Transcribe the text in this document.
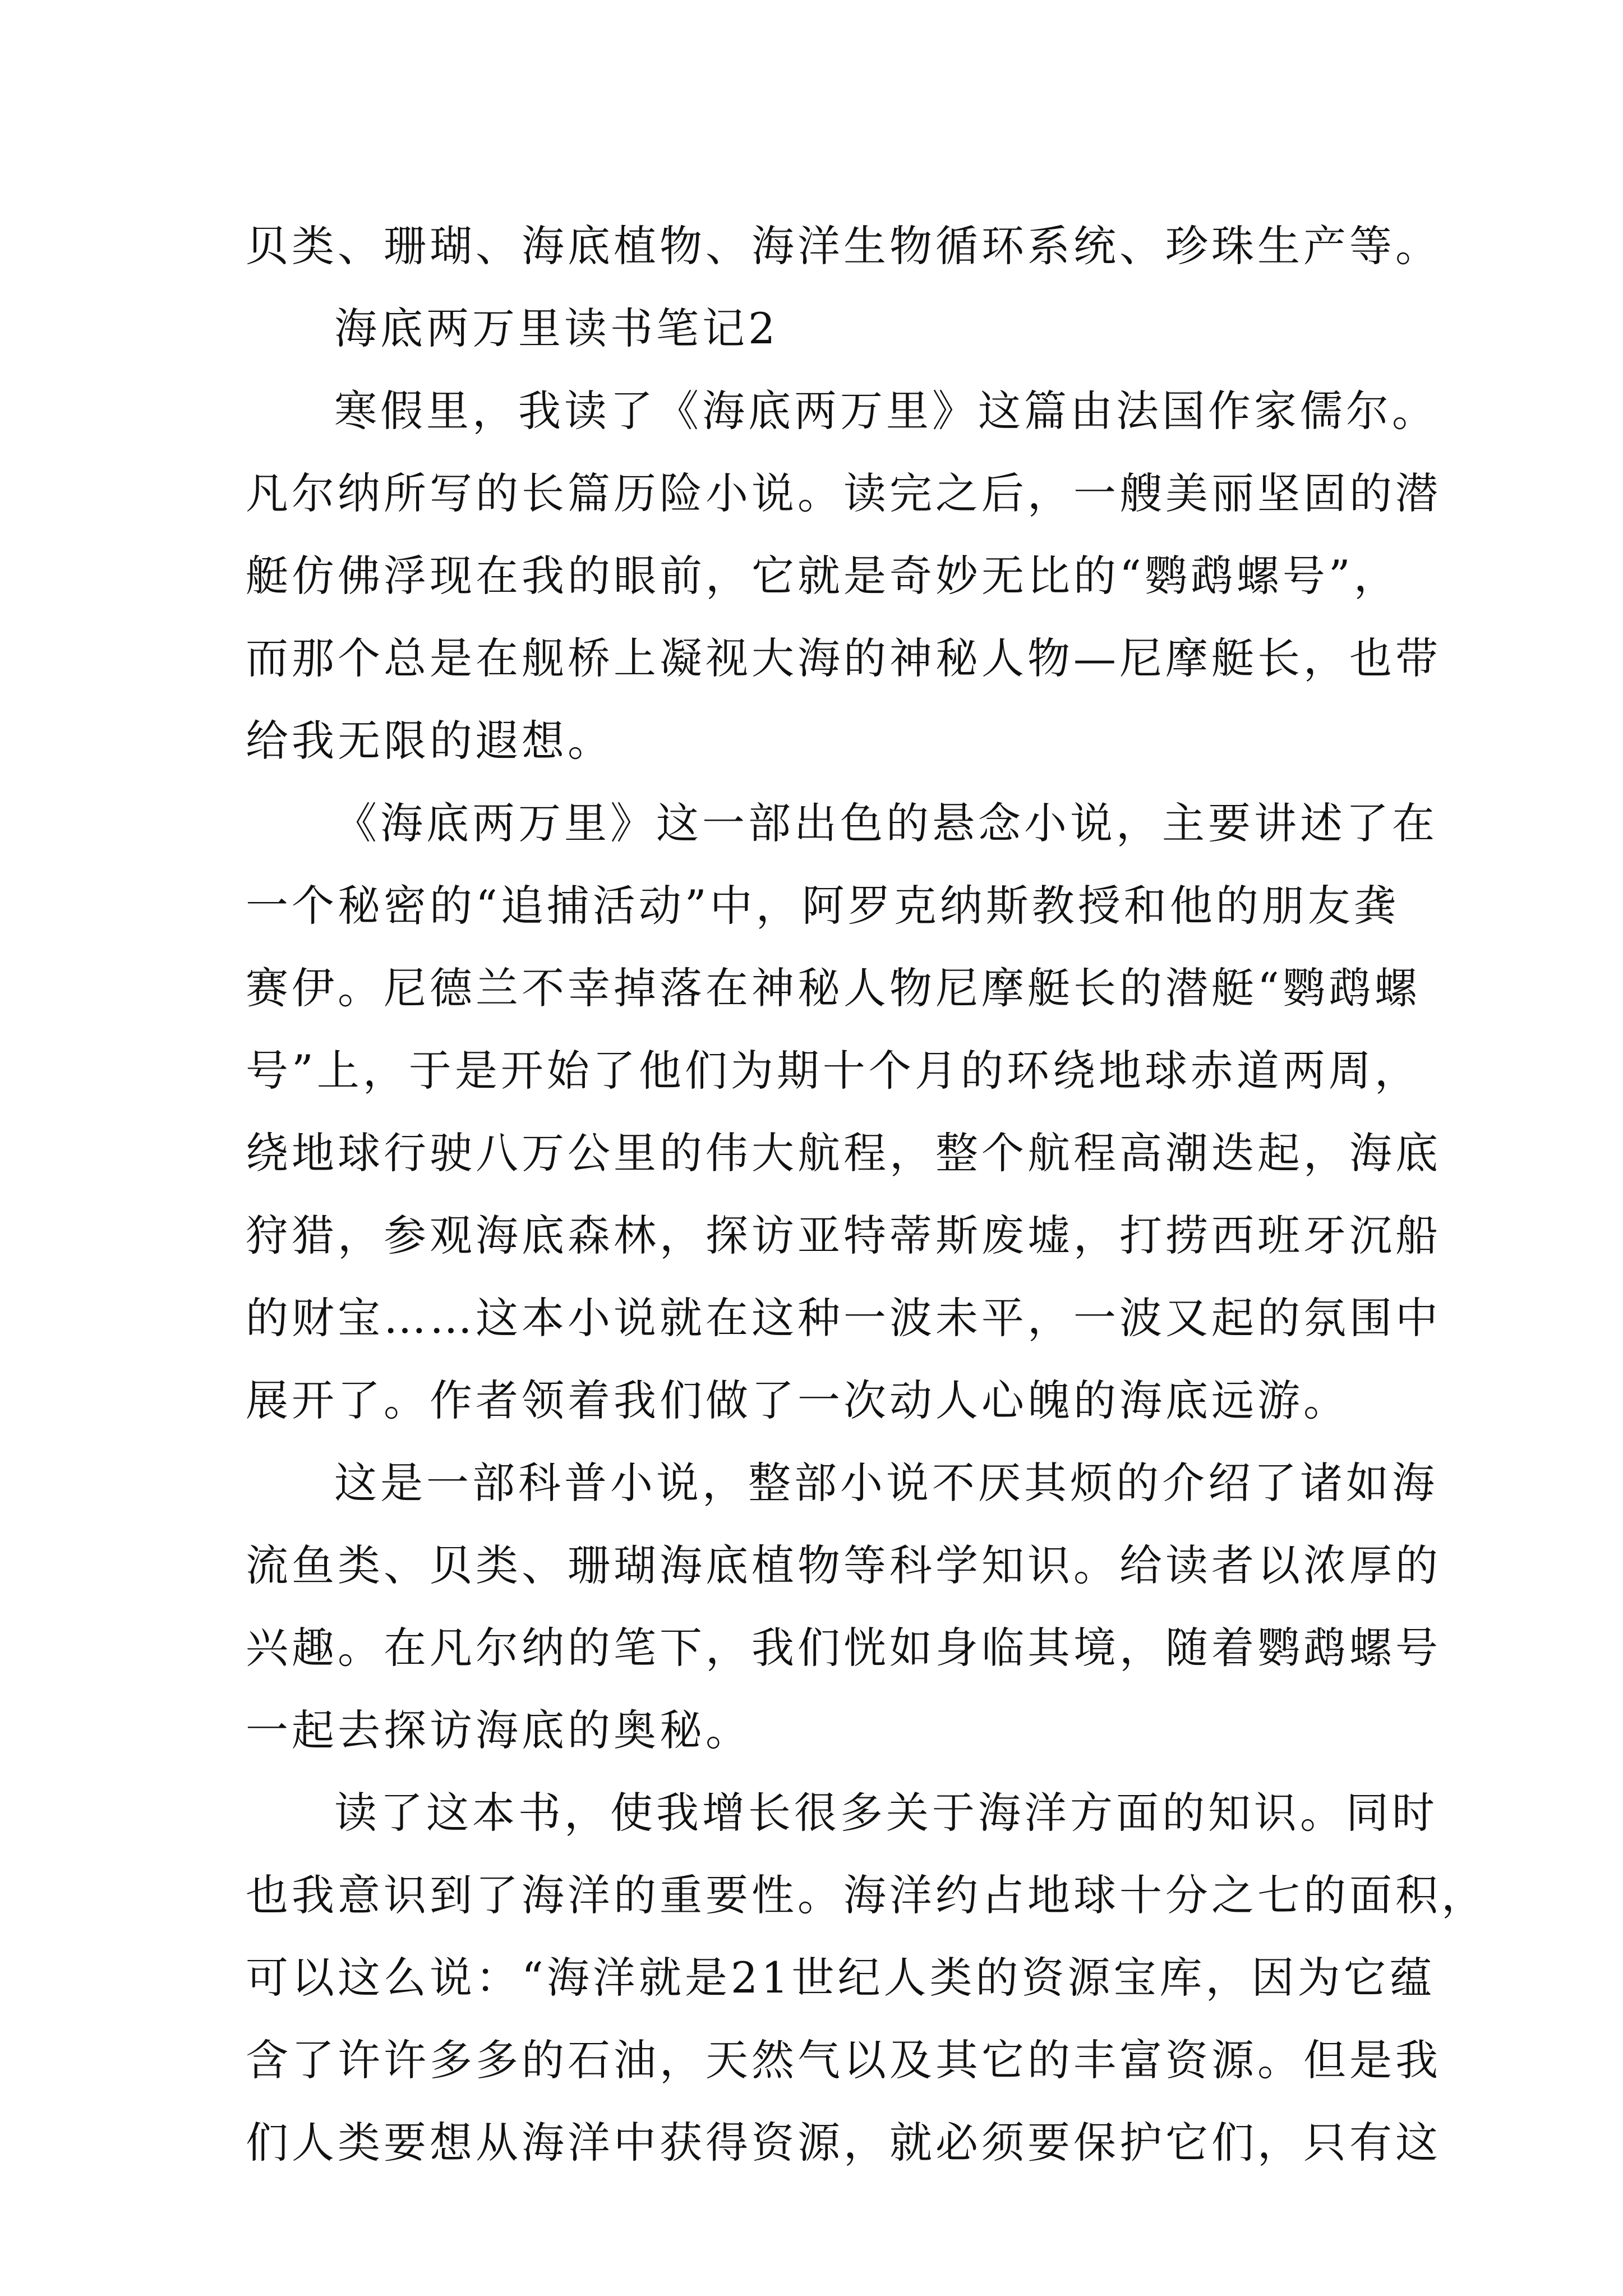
贝类、珊瑚、海底植物、海洋生物循环系统、珍珠生产等。
海底两万里读书笔记2
寒假里，我读了《海底两万里》这篇由法国作家儒尔。
凡尔纳所写的长篇历险小说。读完之后，一艘美丽坚固的潜
艇仿佛浮现在我的眼前，它就是奇妙无比的“鹦鹉螺号”，
而那个总是在舰桥上凝视大海的神秘人物—尼摩艇长，也带
给我无限的遐想。
《海底两万里》这一部出色的悬念小说，主要讲述了在
一个秘密的“追捕活动”中，阿罗克纳斯教授和他的朋友龚
赛伊。尼德兰不幸掉落在神秘人物尼摩艇长的潜艇“鹦鹉螺
号”上，于是开始了他们为期十个月的环绕地球赤道两周，
绕地球行驶八万公里的伟大航程，整个航程高潮迭起，海底
狩猎，参观海底森林，探访亚特蒂斯废墟，打捞西班牙沉船
的财宝……这本小说就在这种一波未平，一波又起的氛围中
展开了。作者领着我们做了一次动人心魄的海底远游。
这是一部科普小说，整部小说不厌其烦的介绍了诸如海
流鱼类、贝类、珊瑚海底植物等科学知识。给读者以浓厚的
兴趣。在凡尔纳的笔下，我们恍如身临其境，随着鹦鹉螺号
一起去探访海底的奥秘。
读了这本书，使我增长很多关于海洋方面的知识。同时
也我意识到了海洋的重要性。海洋约占地球十分之七的面积，
可以这么说：“海洋就是21世纪人类的资源宝库，因为它蕴
含了许许多多的石油，天然气以及其它的丰富资源。但是我
们人类要想从海洋中获得资源，就必须要保护它们，只有这
